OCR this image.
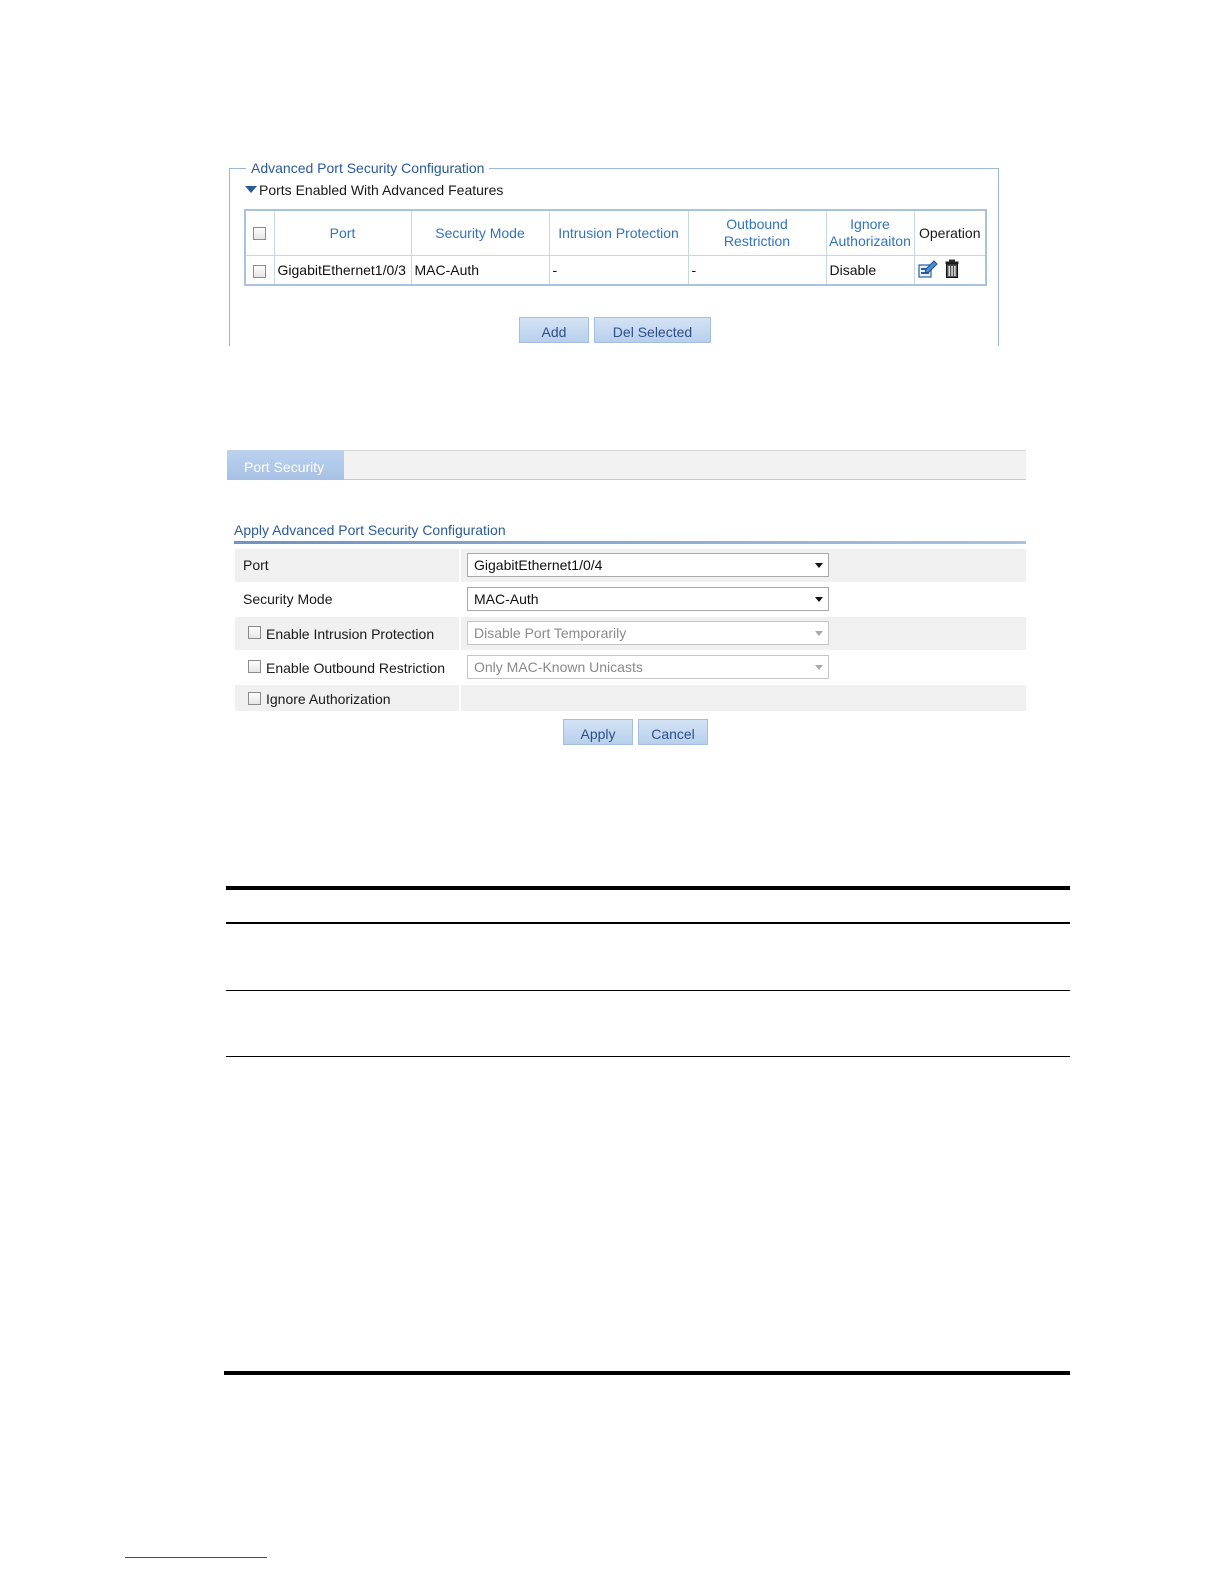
Advanced Port Security Configuration
Ports Enabled With Advanced Features
	Port	Security Mode	Intrusion Protection	Outbound Restriction	Ignore Authorizaiton	Operation
	GigabitEthernet1/0/3	MAC-Auth	-	-	Disable	
Add	Del Selected
Port Security
Apply Advanced Port Security Configuration
Port	GigabitEthernet1/0/4
Security Mode	MAC-Auth
Enable Intrusion Protection	Disable Port Temporarily
Enable Outbound Restriction	Only MAC-Known Unicasts
Ignore Authorization
Apply	Cancel
